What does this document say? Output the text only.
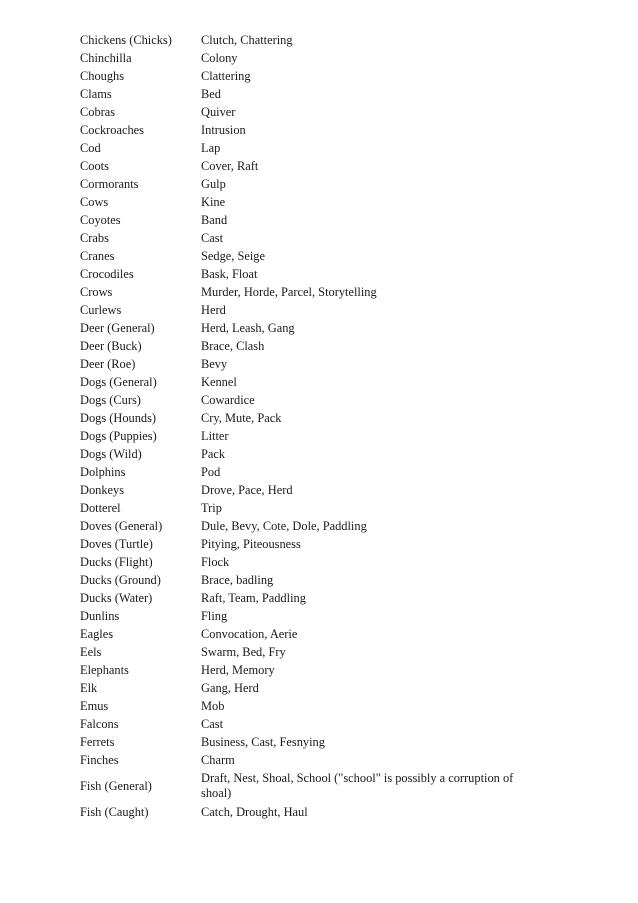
Chickens (Chicks)	Clutch, Chattering
Chinchilla	Colony
Choughs	Clattering
Clams	Bed
Cobras	Quiver
Cockroaches	Intrusion
Cod	Lap
Coots	Cover, Raft
Cormorants	Gulp
Cows	Kine
Coyotes	Band
Crabs	Cast
Cranes	Sedge, Seige
Crocodiles	Bask, Float
Crows	Murder, Horde, Parcel, Storytelling
Curlews	Herd
Deer (General)	Herd, Leash, Gang
Deer (Buck)	Brace, Clash
Deer (Roe)	Bevy
Dogs (General)	Kennel
Dogs (Curs)	Cowardice
Dogs (Hounds)	Cry, Mute, Pack
Dogs (Puppies)	Litter
Dogs (Wild)	Pack
Dolphins	Pod
Donkeys	Drove, Pace, Herd
Dotterel	Trip
Doves (General)	Dule, Bevy, Cote, Dole, Paddling
Doves (Turtle)	Pitying, Piteousness
Ducks (Flight)	Flock
Ducks (Ground)	Brace, badling
Ducks (Water)	Raft, Team, Paddling
Dunlins	Fling
Eagles	Convocation, Aerie
Eels	Swarm, Bed, Fry
Elephants	Herd, Memory
Elk	Gang, Herd
Emus	Mob
Falcons	Cast
Ferrets	Business, Cast, Fesnying
Finches	Charm
Fish (General)	Draft, Nest, Shoal, School ("school" is possibly a corruption of shoal)
Fish (Caught)	Catch, Drought, Haul
